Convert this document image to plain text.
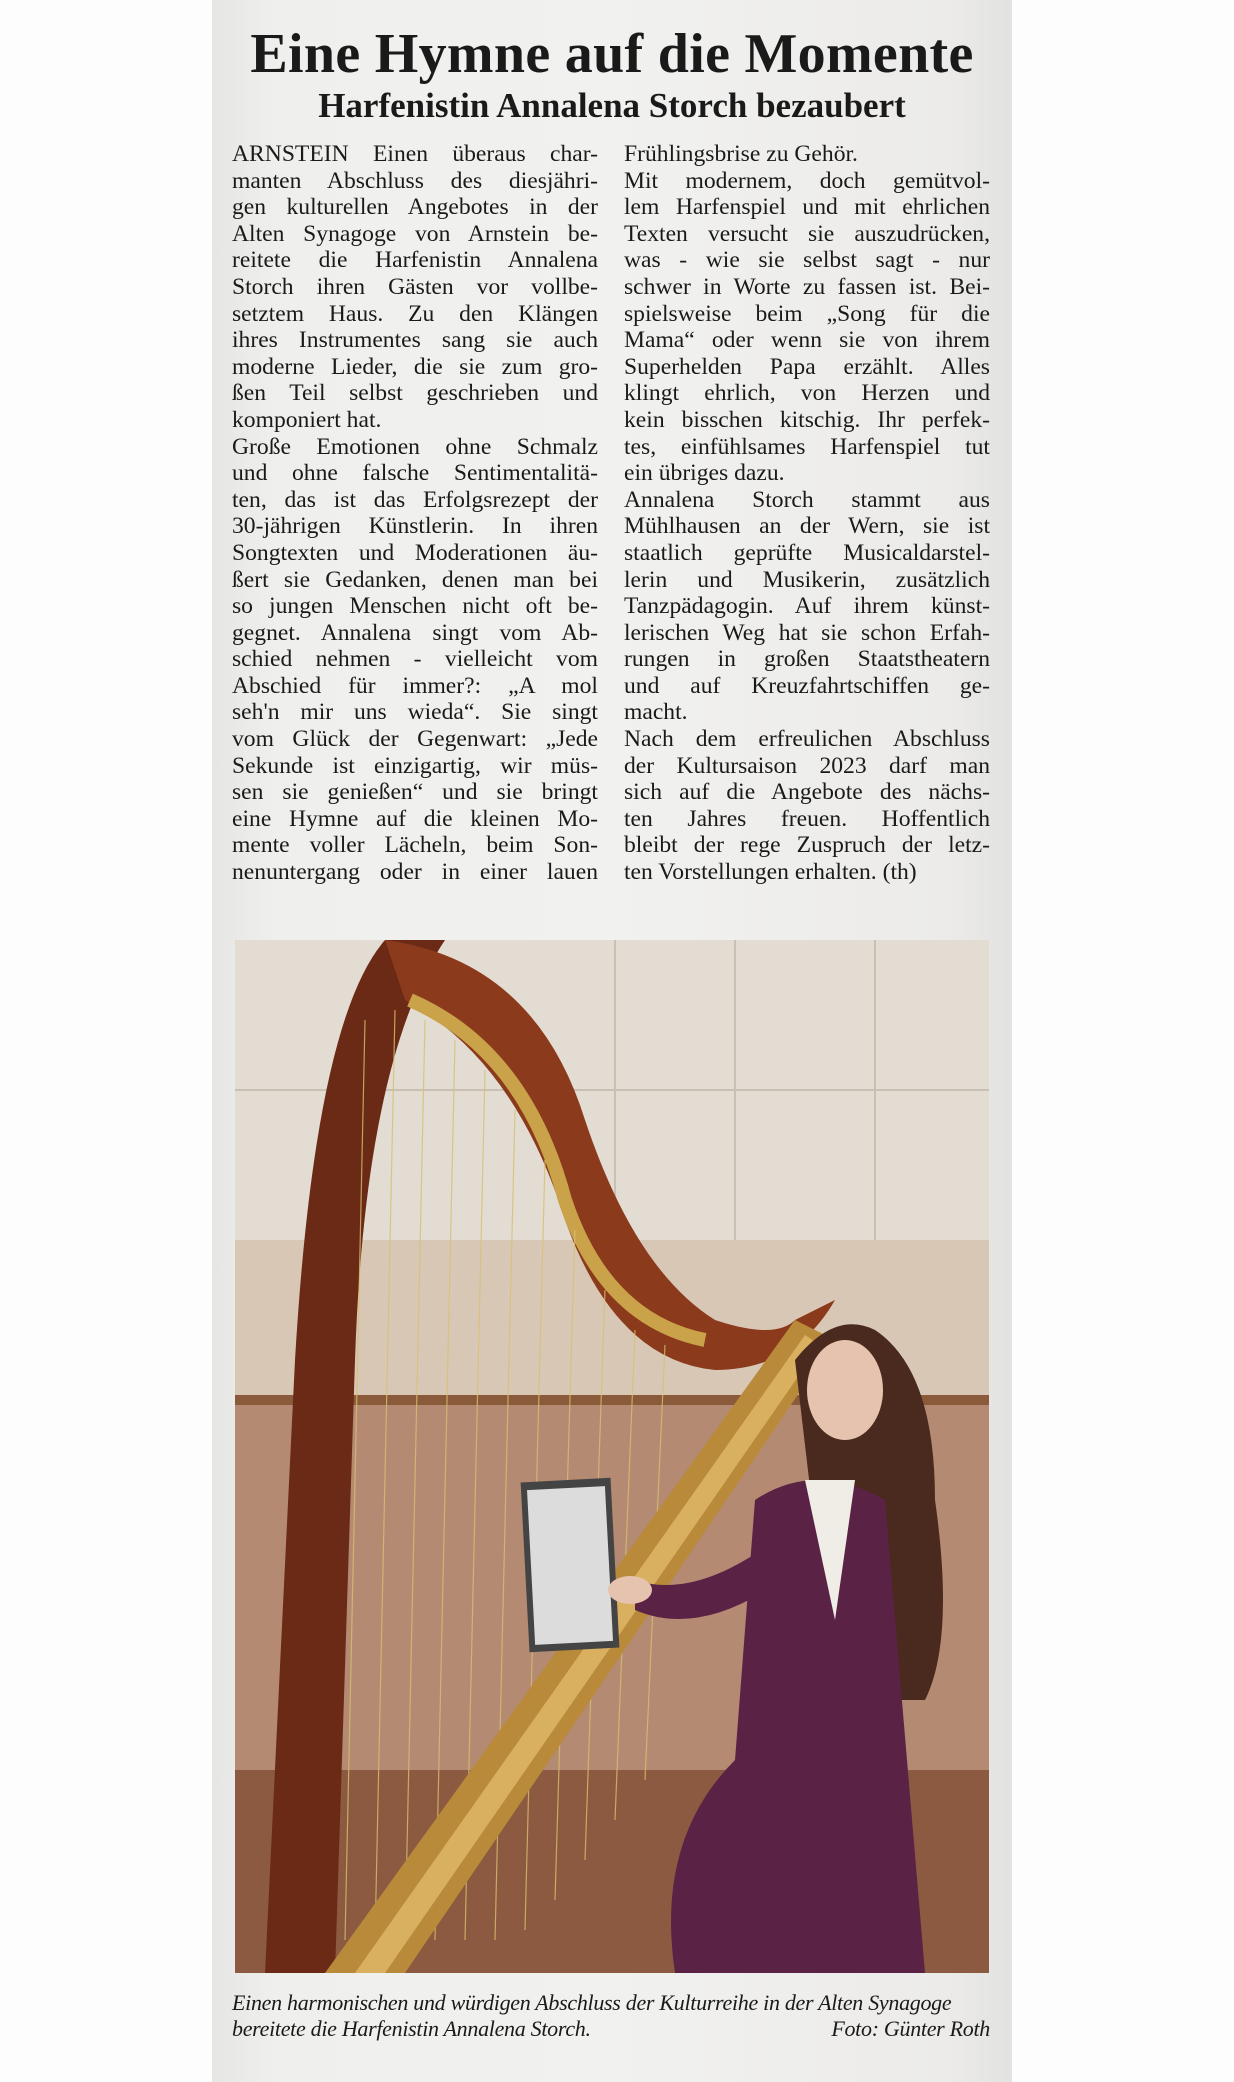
Eine Hymne auf die Momente
Harfenistin Annalena Storch bezaubert
ARNSTEIN Einen überaus char-
manten Abschluss des diesjähri-
gen kulturellen Angebotes in der
Alten Synagoge von Arnstein be-
reitete die Harfenistin Annalena
Storch ihren Gästen vor vollbe-
setztem Haus. Zu den Klängen
ihres Instrumentes sang sie auch
moderne Lieder, die sie zum gro-
ßen Teil selbst geschrieben und
komponiert hat.
Große Emotionen ohne Schmalz
und ohne falsche Sentimentalitä-
ten, das ist das Erfolgsrezept der
30-jährigen Künstlerin. In ihren
Songtexten und Moderationen äu-
ßert sie Gedanken, denen man bei
so jungen Menschen nicht oft be-
gegnet. Annalena singt vom Ab-
schied nehmen - vielleicht vom
Abschied für immer?: „A mol
seh'n mir uns wieda“. Sie singt
vom Glück der Gegenwart: „Jede
Sekunde ist einzigartig, wir müs-
sen sie genießen“ und sie bringt
eine Hymne auf die kleinen Mo-
mente voller Lächeln, beim Son-
nenuntergang oder in einer lauen
Frühlingsbrise zu Gehör.
Mit modernem, doch gemütvol-
lem Harfenspiel und mit ehrlichen
Texten versucht sie auszudrücken,
was - wie sie selbst sagt - nur
schwer in Worte zu fassen ist. Bei-
spielsweise beim „Song für die
Mama“ oder wenn sie von ihrem
Superhelden Papa erzählt. Alles
klingt ehrlich, von Herzen und
kein bisschen kitschig. Ihr perfek-
tes, einfühlsames Harfenspiel tut
ein übriges dazu.
Annalena Storch stammt aus
Mühlhausen an der Wern, sie ist
staatlich geprüfte Musicaldarstel-
lerin und Musikerin, zusätzlich
Tanzpädagogin. Auf ihrem künst-
lerischen Weg hat sie schon Erfah-
rungen in großen Staatstheatern
und auf Kreuzfahrtschiffen ge-
macht.
Nach dem erfreulichen Abschluss
der Kultursaison 2023 darf man
sich auf die Angebote des nächs-
ten Jahres freuen. Hoffentlich
bleibt der rege Zuspruch der letz-
ten Vorstellungen erhalten. (th)
Einen harmonischen und würdigen Abschluss der Kulturreihe in der Alten Synagoge bereitete die Harfenistin Annalena Storch.	Foto: Günter Roth
